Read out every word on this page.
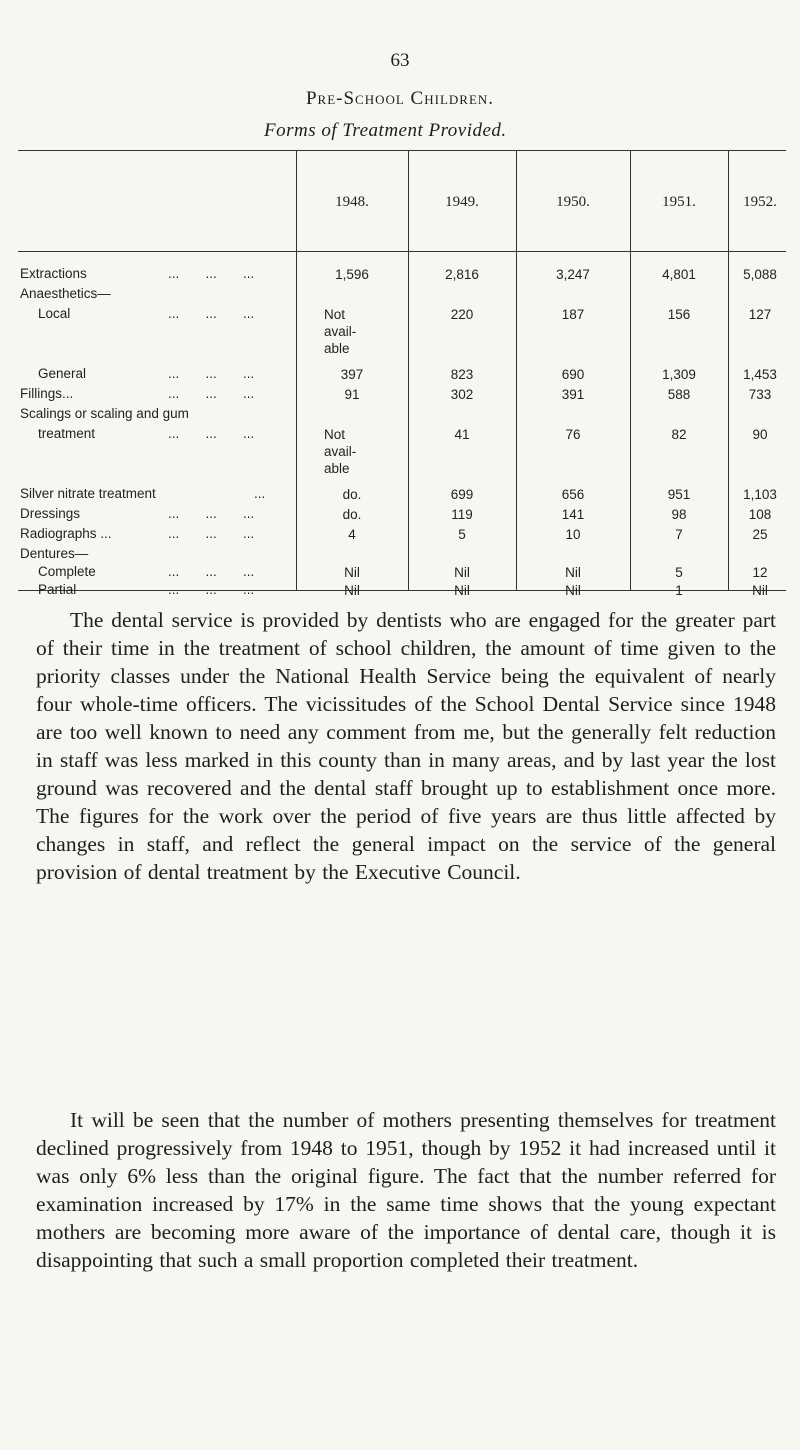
63
Pre-School Children.
Forms of Treatment Provided.
1948.	1949.	1950.	1951.	1952.
Extractions	...       ...       ...	1,596	2,816	3,247	4,801	5,088
Anaesthetics—
Local	...       ...       ...	Not
avail-
able
220	187	156	127
General	...       ...       ...	397	823	690	1,309	1,453
Fillings...	...       ...       ...	91	302	391	588	733
Scalings or scaling and gum
treatment	...       ...       ...	Not
avail-
able
41	76	82	90
Silver nitrate treatment	...	do.	699	656	951	1,103
Dressings	...       ...       ...	do.	119	141	98	108
Radiographs ...	...       ...       ...	4	5	10	7	25
Dentures—
Complete	...       ...       ...	Nil	Nil	Nil	5	12
Partial	...       ...       ...	Nil	Nil	Nil	1	Nil
The dental service is provided by dentists who are engaged for the greater part of their time in the treatment of school children, the amount of time given to the priority classes under the National Health Service being the equivalent of nearly four whole-time officers. The vicissitudes of the School Dental Service since 1948 are too well known to need any comment from me, but the generally felt reduction in staff was less marked in this county than in many areas, and by last year the lost ground was recovered and the dental staff brought up to establishment once more. The figures for the work over the period of five years are thus little affected by changes in staff, and reflect the general impact on the service of the general provision of dental treatment by the Executive Council.
It will be seen that the number of mothers presenting themselves for treatment declined progressively from 1948 to 1951, though by 1952 it had increased until it was only 6% less than the original figure. The fact that the number referred for examination increased by 17% in the same time shows that the young expectant mothers are becoming more aware of the importance of dental care, though it is disappointing that such a small proportion completed their treatment.
